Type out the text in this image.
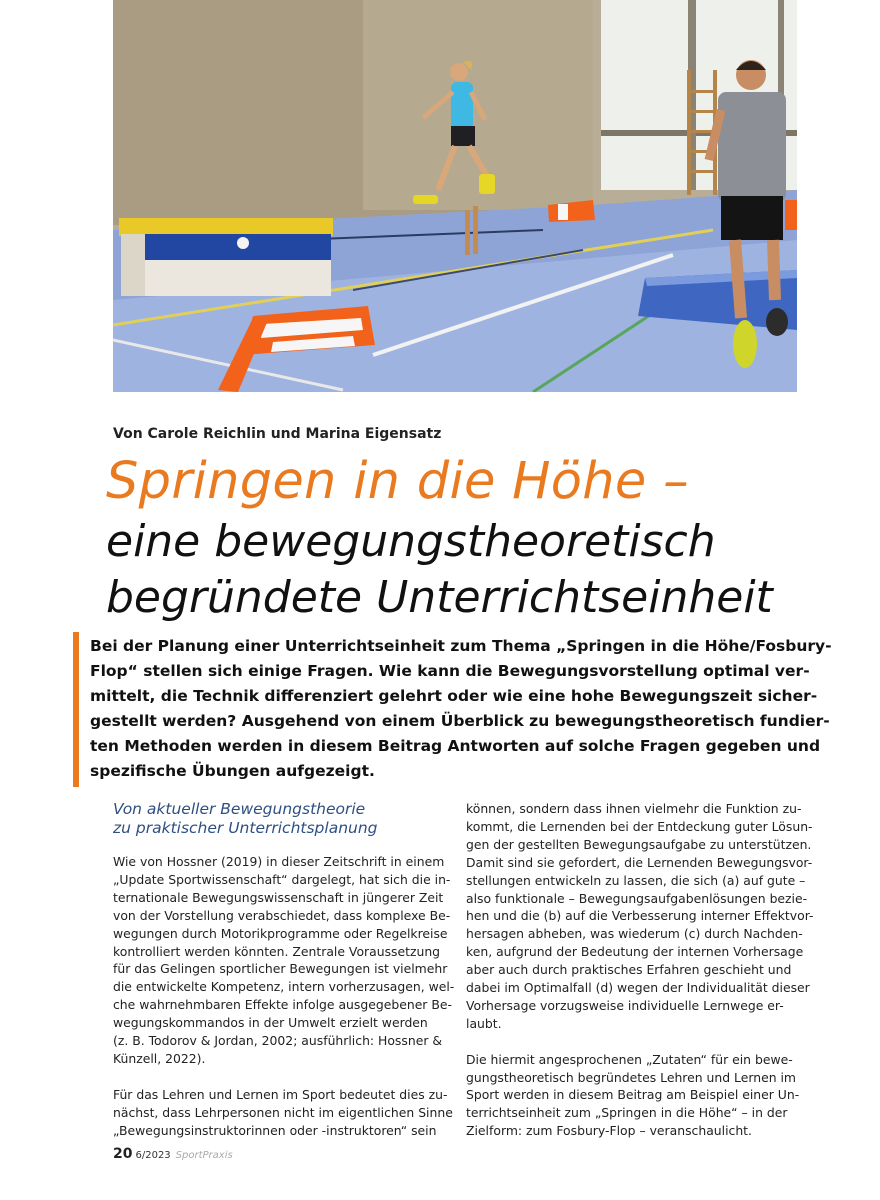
Von Carole Reichlin und Marina Eigensatz
Springen in die Höhe –
eine bewegungstheoretisch
begründete Unterrichtseinheit
Bei der Planung einer Unterrichtseinheit zum Thema „Springen in die Höhe/Fosbury-
Flop“ stellen sich einige Fragen. Wie kann die Bewegungsvorstellung optimal ver-
mittelt, die Technik differenziert gelehrt oder wie eine hohe Bewegungszeit sicher-
gestellt werden? Ausgehend von einem Überblick zu bewegungstheoretisch fundier-
ten Methoden werden in diesem Beitrag Antworten auf solche Fragen gegeben und
spezifische Übungen aufgezeigt.
Von aktueller Bewegungstheorie
zu praktischer Unterrichtsplanung
Wie von Hossner (2019) in dieser Zeitschrift in einem
„Update Sportwissenschaft“ dargelegt, hat sich die in-
ternationale Bewegungswissenschaft in jüngerer Zeit
von der Vorstellung verabschiedet, dass komplexe Be-
wegungen durch Motorikprogramme oder Regelkreise
kontrolliert werden könnten. Zentrale Voraussetzung
für das Gelingen sportlicher Bewegungen ist vielmehr
die entwickelte Kompetenz, intern vorherzusagen, wel-
che wahrnehmbaren Effekte infolge ausgegebener Be-
wegungskommandos in der Umwelt erzielt werden
(z. B. Todorov & Jordan, 2002; ausführlich: Hossner &
Künzell, 2022).
Für das Lehren und Lernen im Sport bedeutet dies zu-
nächst, dass Lehrpersonen nicht im eigentlichen Sinne
„Bewegungsinstruktorinnen oder -instruktoren“ sein
können, sondern dass ihnen vielmehr die Funktion zu-
kommt, die Lernenden bei der Entdeckung guter Lösun-
gen der gestellten Bewegungsaufgabe zu unterstützen.
Damit sind sie gefordert, die Lernenden Bewegungsvor-
stellungen entwickeln zu lassen, die sich (a) auf gute –
also funktionale – Bewegungsaufgabenlösungen bezie-
hen und die (b) auf die Verbesserung interner Effektvor-
hersagen abheben, was wiederum (c) durch Nachden-
ken, aufgrund der Bedeutung der internen Vorhersage
aber auch durch praktisches Erfahren geschieht und
dabei im Optimalfall (d) wegen der Individualität dieser
Vorhersage vorzugsweise individuelle Lernwege er-
laubt.
Die hiermit angesprochenen „Zutaten“ für ein bewe-
gungstheoretisch begründetes Lehren und Lernen im
Sport werden in diesem Beitrag am Beispiel einer Un-
terrichtseinheit zum „Springen in die Höhe“ – in der
Zielform: zum Fosbury-Flop – veranschaulicht.
20 6/2023 SportPraxis
